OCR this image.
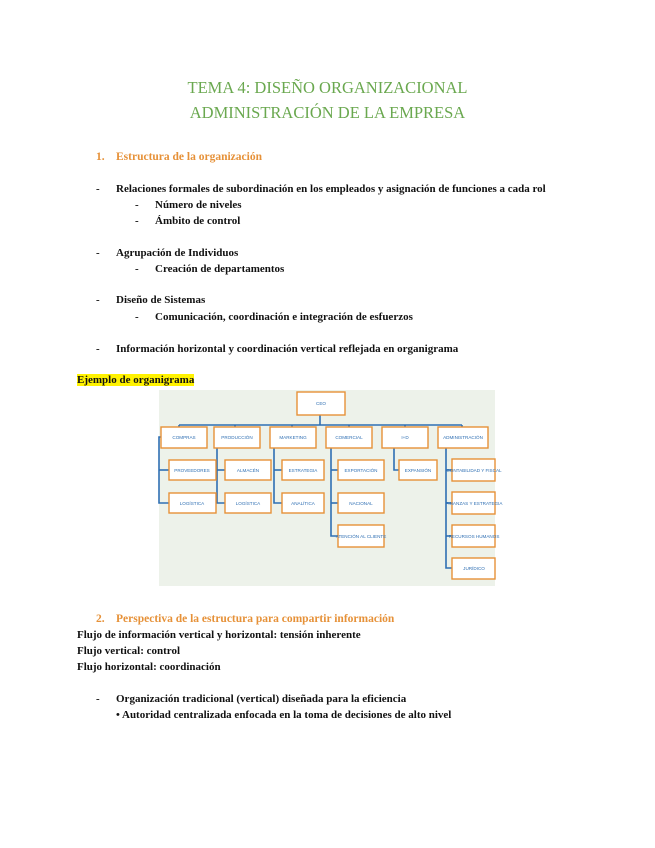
TEMA 4: DISEÑO ORGANIZACIONAL
ADMINISTRACIÓN DE LA EMPRESA
1. Estructura de la organización
- Relaciones formales de subordinación en los empleados y asignación de funciones a cada rol
- Número de niveles
- Ámbito de control
- Agrupación de Individuos
- Creación de departamentos
- Diseño de Sistemas
- Comunicación, coordinación e integración de esfuerzos
- Información horizontal y coordinación vertical reflejada en organigrama
Ejemplo de organigrama
CEO
COMPRAS	PRODUCCIÓN	MARKETING	COMERCIAL	I+D	ADMINISTRACIÓN
PROVEEDORES
LOGÍSTICA
ALMACÉN
LOGÍSTICA
ESTRATEGIA
ANALÍTICA
EXPORTACIÓN
NACIONAL
ATENCIÓN AL CLIENTE
EXPANSIÓN	CONTABILIDAD Y FISCAL
FINANZAS Y ESTRATEGIA
RECURSOS HUMANOS
JURÍDICO
2. Perspectiva de la estructura para compartir información
Flujo de información vertical y horizontal: tensión inherente
Flujo vertical: control
Flujo horizontal: coordinación
- Organización tradicional (vertical) diseñada para la eficiencia
• Autoridad centralizada enfocada en la toma de decisiones de alto nivel
